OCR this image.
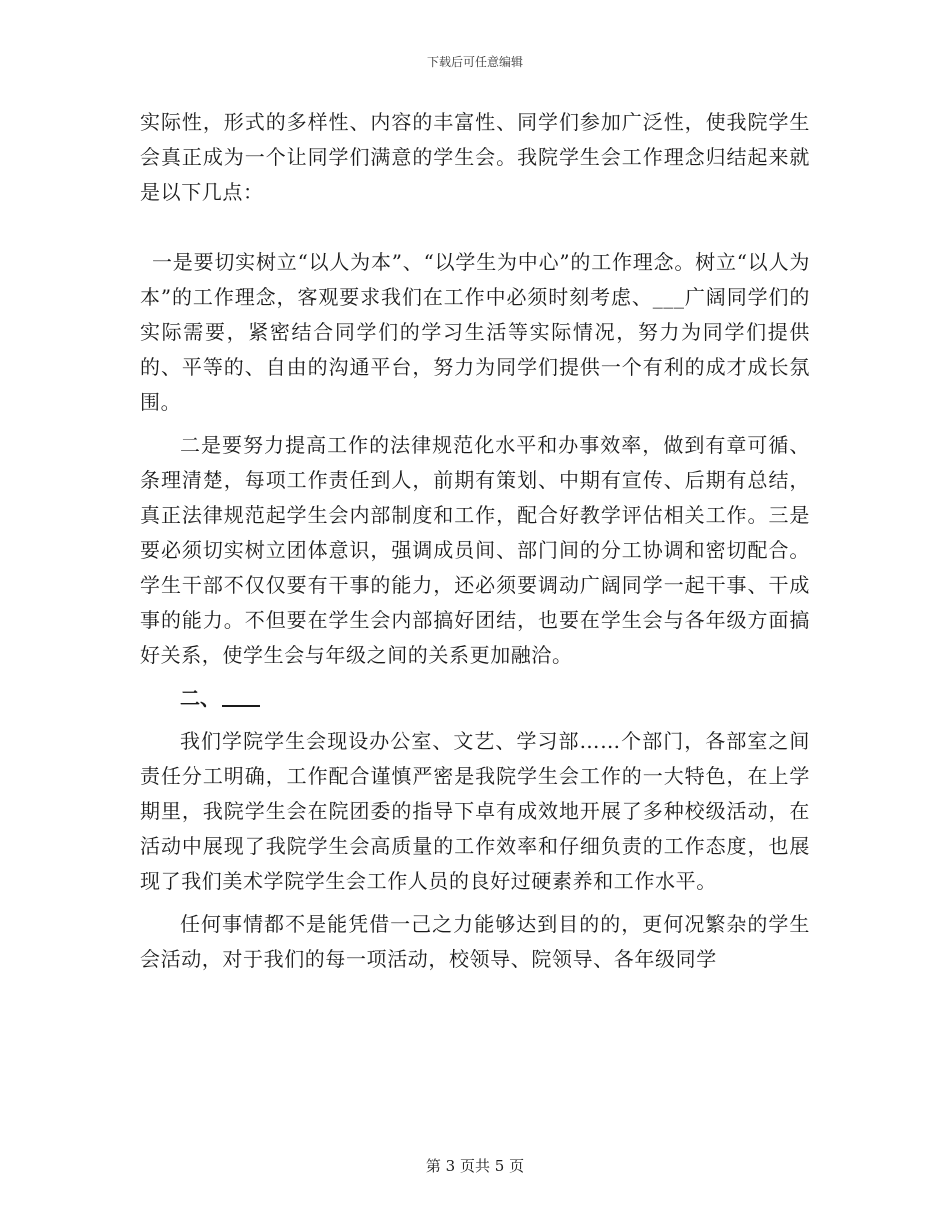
下载后可任意编辑

实际性，形式的多样性、内容的丰富性、同学们参加广泛性，使我院学生会真正成为一个让同学们满意的学生会。我院学生会工作理念归结起来就是以下几点：

一是要切实树立“以人为本”、“以学生为中心”的工作理念。树立“以人为本”的工作理念，客观要求我们在工作中必须时刻考虑、___广阔同学们的实际需要，紧密结合同学们的学习生活等实际情况，努力为同学们提供的、平等的、自由的沟通平台，努力为同学们提供一个有利的成才成长氛围。

二是要努力提高工作的法律规范化水平和办事效率，做到有章可循、条理清楚，每项工作责任到人，前期有策划、中期有宣传、后期有总结，真正法律规范起学生会内部制度和工作，配合好教学评估相关工作。三是要必须切实树立团体意识，强调成员间、部门间的分工协调和密切配合。学生干部不仅仅要有干事的能力，还必须要调动广阔同学一起干事、干成事的能力。不但要在学生会内部搞好团结，也要在学生会与各年级方面搞好关系，使学生会与年级之间的关系更加融洽。

二、

我们学院学生会现设办公室、文艺、学习部……个部门，各部室之间责任分工明确，工作配合谨慎严密是我院学生会工作的一大特色，在上学期里，我院学生会在院团委的指导下卓有成效地开展了多种校级活动，在活动中展现了我院学生会高质量的工作效率和仔细负责的工作态度，也展现了我们美术学院学生会工作人员的良好过硬素养和工作水平。

任何事情都不是能凭借一己之力能够达到目的的，更何况繁杂的学生会活动，对于我们的每一项活动，校领导、院领导、各年级同学

第 3 页共 5 页
